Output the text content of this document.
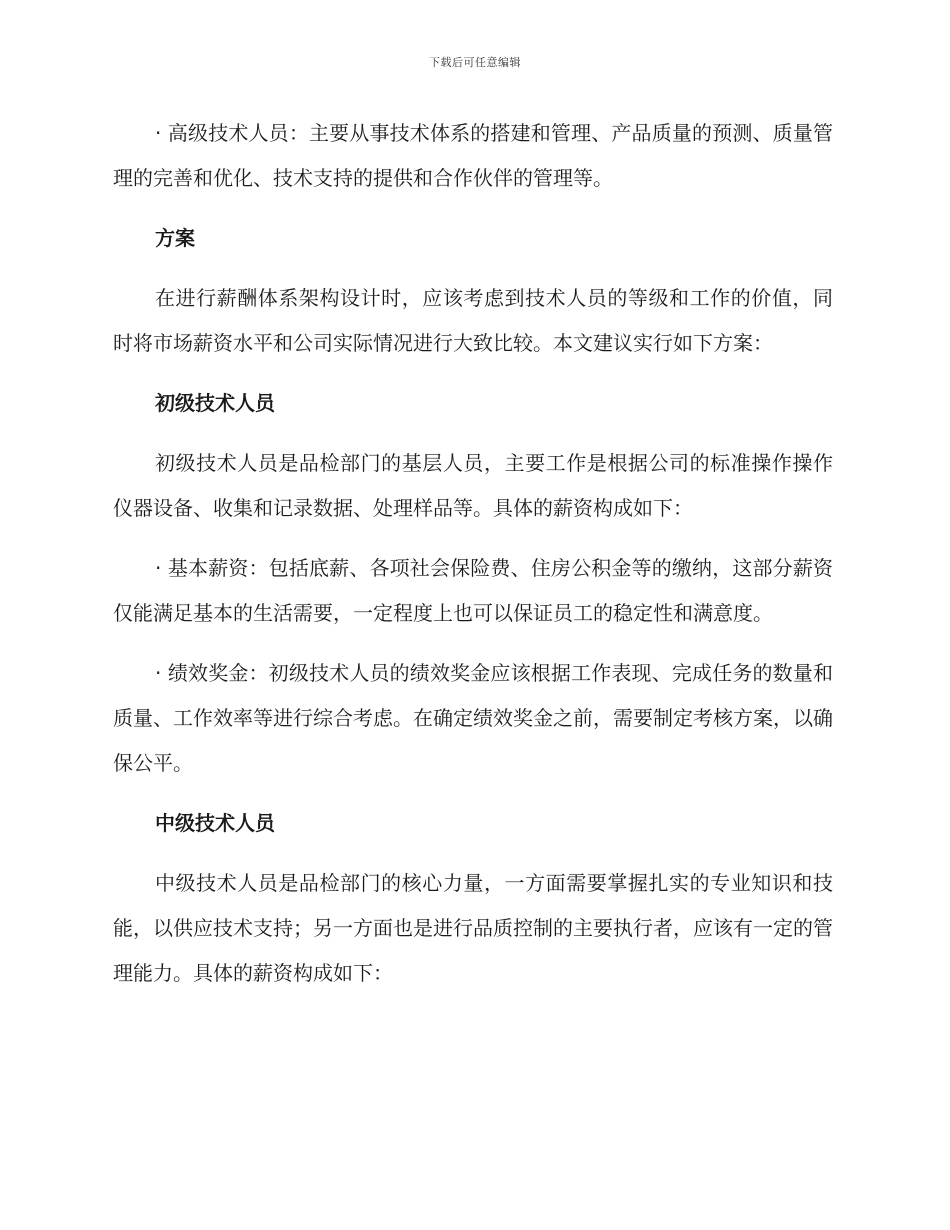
下载后可任意编辑

· 高级技术人员：主要从事技术体系的搭建和管理、产品质量的预测、质量管理的完善和优化、技术支持的提供和合作伙伴的管理等。

方案

在进行薪酬体系架构设计时，应该考虑到技术人员的等级和工作的价值，同时将市场薪资水平和公司实际情况进行大致比较。本文建议实行如下方案：

初级技术人员

初级技术人员是品检部门的基层人员，主要工作是根据公司的标准操作操作仪器设备、收集和记录数据、处理样品等。具体的薪资构成如下：

· 基本薪资：包括底薪、各项社会保险费、住房公积金等的缴纳，这部分薪资仅能满足基本的生活需要，一定程度上也可以保证员工的稳定性和满意度。

· 绩效奖金：初级技术人员的绩效奖金应该根据工作表现、完成任务的数量和质量、工作效率等进行综合考虑。在确定绩效奖金之前，需要制定考核方案，以确保公平。

中级技术人员

中级技术人员是品检部门的核心力量，一方面需要掌握扎实的专业知识和技能，以供应技术支持；另一方面也是进行品质控制的主要执行者，应该有一定的管理能力。具体的薪资构成如下：
